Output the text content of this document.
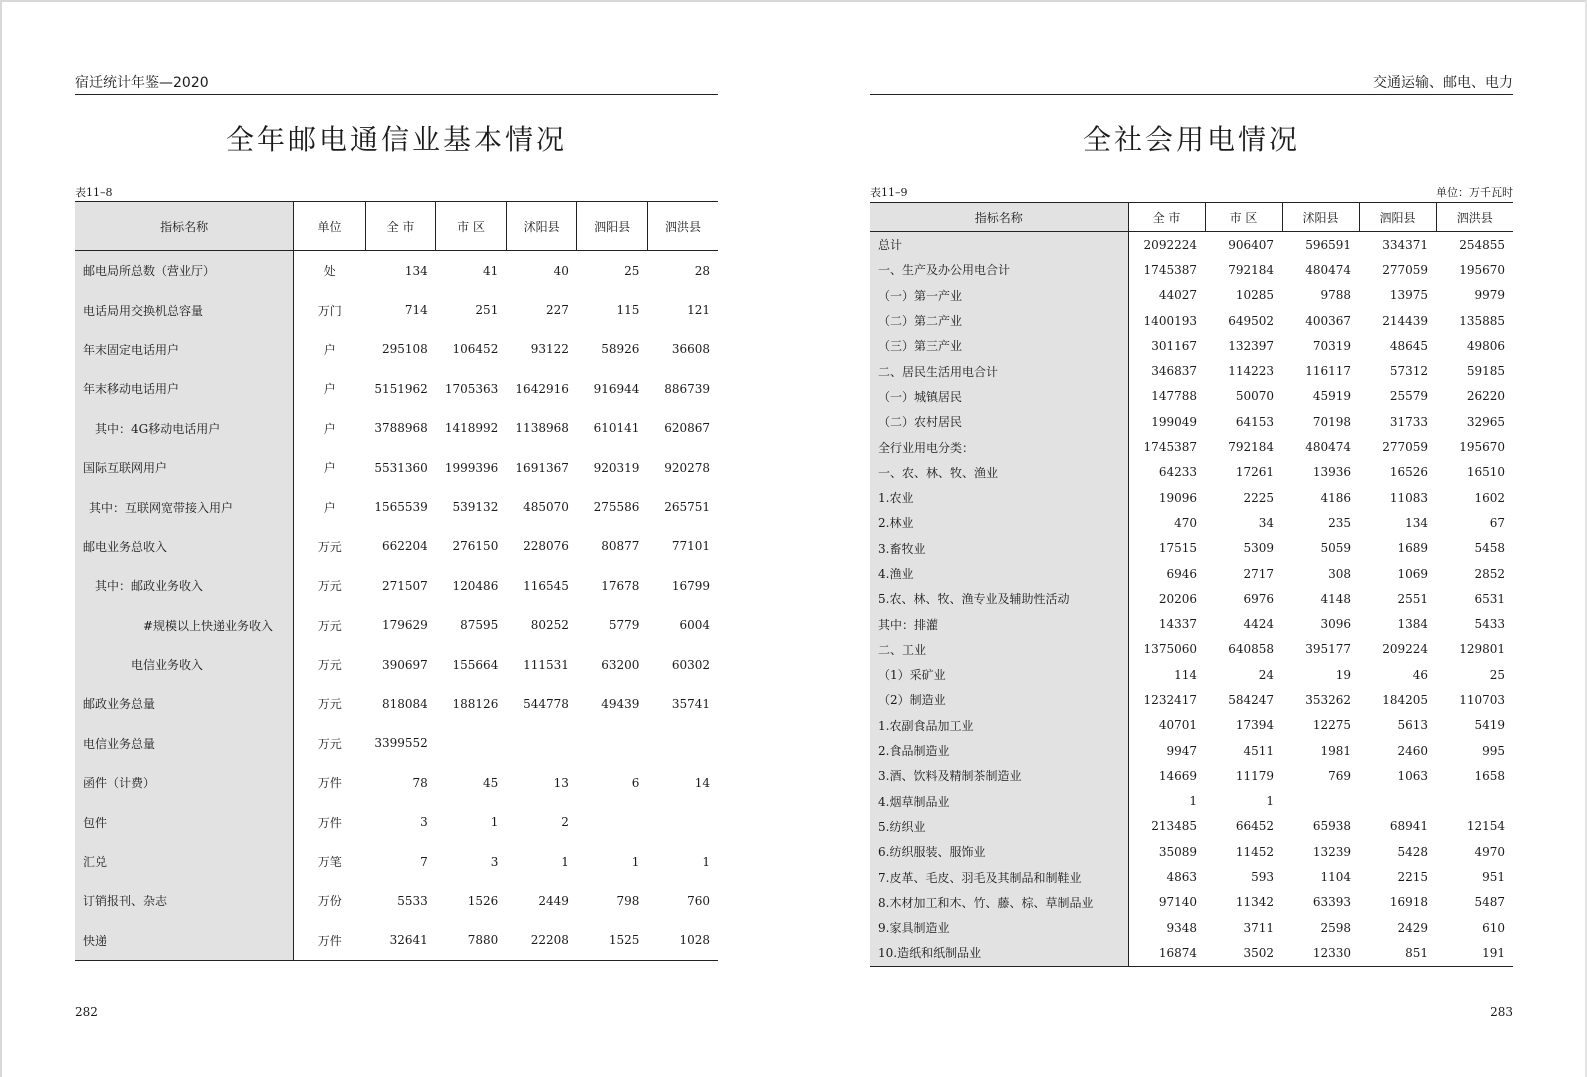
宿迁统计年鉴—2020
全年邮电通信业基本情况
表11–8
指标名称	单位	全 市	市 区	沭阳县	泗阳县	泗洪县
邮电局所总数（营业厅）	处	134	41	40	25	28
电话局用交换机总容量	万门	714	251	227	115	121
年末固定电话用户	户	295108	106452	93122	58926	36608
年末移动电话用户	户	5151962	1705363	1642916	916944	886739
其中：4G移动电话用户	户	3788968	1418992	1138968	610141	620867
国际互联网用户	户	5531360	1999396	1691367	920319	920278
其中：互联网宽带接入用户	户	1565539	539132	485070	275586	265751
邮电业务总收入	万元	662204	276150	228076	80877	77101
其中：邮政业务收入	万元	271507	120486	116545	17678	16799
#规模以上快递业务收入	万元	179629	87595	80252	5779	6004
电信业务收入	万元	390697	155664	111531	63200	60302
邮政业务总量	万元	818084	188126	544778	49439	35741
电信业务总量	万元	3399552				
函件（计费）	万件	78	45	13	6	14
包件	万件	3	1	2		
汇兑	万笔	7	3	1	1	1
订销报刊、杂志	万份	5533	1526	2449	798	760
快递	万件	32641	7880	22208	1525	1028
282
交通运输、邮电、电力
全社会用电情况
表11–9	单位：万千瓦时
指标名称	全 市	市 区	沭阳县	泗阳县	泗洪县
总计	2092224	906407	596591	334371	254855
一、生产及办公用电合计	1745387	792184	480474	277059	195670
（一）第一产业	44027	10285	9788	13975	9979
（二）第二产业	1400193	649502	400367	214439	135885
（三）第三产业	301167	132397	70319	48645	49806
二、居民生活用电合计	346837	114223	116117	57312	59185
（一）城镇居民	147788	50070	45919	25579	26220
（二）农村居民	199049	64153	70198	31733	32965
全行业用电分类：	1745387	792184	480474	277059	195670
一、农、林、牧、渔业	64233	17261	13936	16526	16510
1.农业	19096	2225	4186	11083	1602
2.林业	470	34	235	134	67
3.畜牧业	17515	5309	5059	1689	5458
4.渔业	6946	2717	308	1069	2852
5.农、林、牧、渔专业及辅助性活动	20206	6976	4148	2551	6531
其中：排灌	14337	4424	3096	1384	5433
二、工业	1375060	640858	395177	209224	129801
（1）采矿业	114	24	19	46	25
（2）制造业	1232417	584247	353262	184205	110703
1.农副食品加工业	40701	17394	12275	5613	5419
2.食品制造业	9947	4511	1981	2460	995
3.酒、饮料及精制茶制造业	14669	11179	769	1063	1658
4.烟草制品业	1	1			
5.纺织业	213485	66452	65938	68941	12154
6.纺织服装、服饰业	35089	11452	13239	5428	4970
7.皮革、毛皮、羽毛及其制品和制鞋业	4863	593	1104	2215	951
8.木材加工和木、竹、藤、棕、草制品业	97140	11342	63393	16918	5487
9.家具制造业	9348	3711	2598	2429	610
10.造纸和纸制品业	16874	3502	12330	851	191
283
